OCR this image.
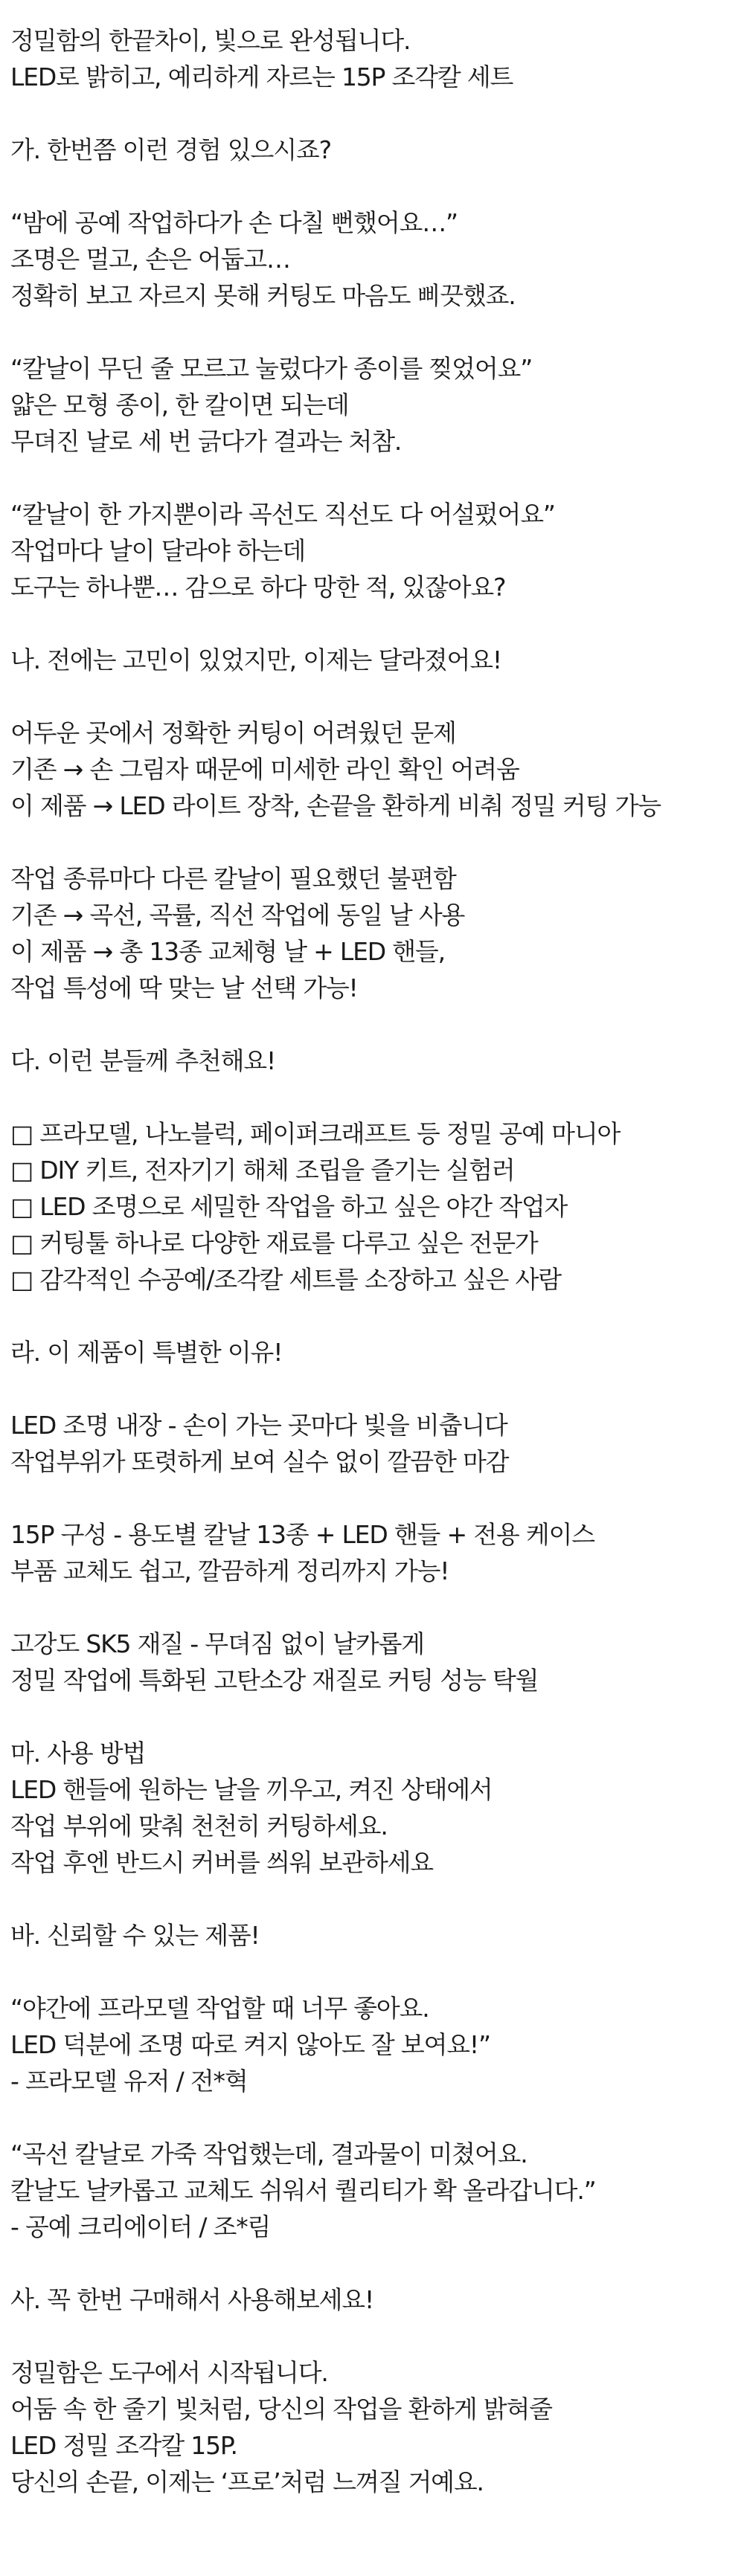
정밀함의 한끝차이, 빛으로 완성됩니다.
LED로 밝히고, 예리하게 자르는 15P 조각칼 세트
가. 한번쯤 이런 경험 있으시죠?
“밤에 공예 작업하다가 손 다칠 뻔했어요…”
조명은 멀고, 손은 어둡고…
정확히 보고 자르지 못해 커팅도 마음도 삐끗했죠.
“칼날이 무딘 줄 모르고 눌렀다가 종이를 찢었어요”
얇은 모형 종이, 한 칼이면 되는데
무뎌진 날로 세 번 긁다가 결과는 처참.
“칼날이 한 가지뿐이라 곡선도 직선도 다 어설펐어요”
작업마다 날이 달라야 하는데
도구는 하나뿐… 감으로 하다 망한 적, 있잖아요?
나. 전에는 고민이 있었지만, 이제는 달라졌어요!
어두운 곳에서 정확한 커팅이 어려웠던 문제
기존 → 손 그림자 때문에 미세한 라인 확인 어려움
이 제품 → LED 라이트 장착, 손끝을 환하게 비춰 정밀 커팅 가능
작업 종류마다 다른 칼날이 필요했던 불편함
기존 → 곡선, 곡률, 직선 작업에 동일 날 사용
이 제품 → 총 13종 교체형 날 + LED 핸들,
작업 특성에 딱 맞는 날 선택 가능!
다. 이런 분들께 추천해요!
□ 프라모델, 나노블럭, 페이퍼크래프트 등 정밀 공예 마니아
□ DIY 키트, 전자기기 해체 조립을 즐기는 실험러
□ LED 조명으로 세밀한 작업을 하고 싶은 야간 작업자
□ 커팅툴 하나로 다양한 재료를 다루고 싶은 전문가
□ 감각적인 수공예/조각칼 세트를 소장하고 싶은 사람
라. 이 제품이 특별한 이유!
LED 조명 내장 - 손이 가는 곳마다 빛을 비춥니다
작업부위가 또렷하게 보여 실수 없이 깔끔한 마감
15P 구성 - 용도별 칼날 13종 + LED 핸들 + 전용 케이스
부품 교체도 쉽고, 깔끔하게 정리까지 가능!
고강도 SK5 재질 - 무뎌짐 없이 날카롭게
정밀 작업에 특화된 고탄소강 재질로 커팅 성능 탁월
마. 사용 방법
LED 핸들에 원하는 날을 끼우고, 켜진 상태에서
작업 부위에 맞춰 천천히 커팅하세요.
작업 후엔 반드시 커버를 씌워 보관하세요
바. 신뢰할 수 있는 제품!
“야간에 프라모델 작업할 때 너무 좋아요.
LED 덕분에 조명 따로 켜지 않아도 잘 보여요!”
- 프라모델 유저 / 전*혁
“곡선 칼날로 가죽 작업했는데, 결과물이 미쳤어요.
칼날도 날카롭고 교체도 쉬워서 퀄리티가 확 올라갑니다.”
- 공예 크리에이터 / 조*림
사. 꼭 한번 구매해서 사용해보세요!
정밀함은 도구에서 시작됩니다.
어둠 속 한 줄기 빛처럼, 당신의 작업을 환하게 밝혀줄
LED 정밀 조각칼 15P.
당신의 손끝, 이제는 ‘프로’처럼 느껴질 거예요.
